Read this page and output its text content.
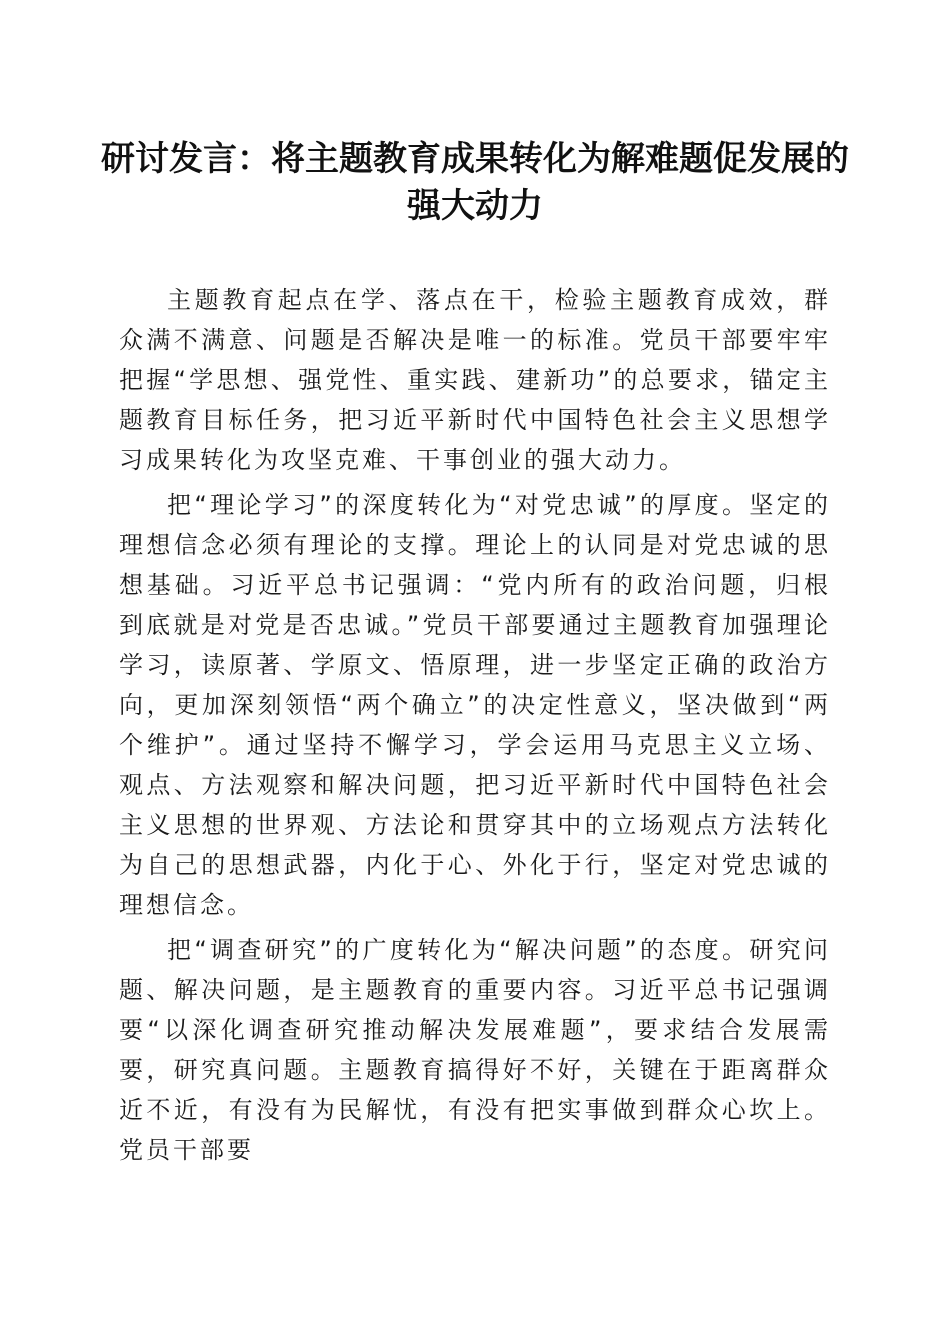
研讨发言：将主题教育成果转化为解难题促发展的强大动力

主题教育起点在学、落点在干，检验主题教育成效，群众满不满意、问题是否解决是唯一的标准。党员干部要牢牢把握“学思想、强党性、重实践、建新功”的总要求，锚定主题教育目标任务，把习近平新时代中国特色社会主义思想学习成果转化为攻坚克难、干事创业的强大动力。

把“理论学习”的深度转化为“对党忠诚”的厚度。坚定的理想信念必须有理论的支撑。理论上的认同是对党忠诚的思想基础。习近平总书记强调：“党内所有的政治问题，归根到底就是对党是否忠诚。”党员干部要通过主题教育加强理论学习，读原著、学原文、悟原理，进一步坚定正确的政治方向，更加深刻领悟“两个确立”的决定性意义，坚决做到“两个维护”。通过坚持不懈学习，学会运用马克思主义立场、观点、方法观察和解决问题，把习近平新时代中国特色社会主义思想的世界观、方法论和贯穿其中的立场观点方法转化为自己的思想武器，内化于心、外化于行，坚定对党忠诚的理想信念。

把“调查研究”的广度转化为“解决问题”的态度。研究问题、解决问题，是主题教育的重要内容。习近平总书记强调要“以深化调查研究推动解决发展难题”，要求结合发展需要，研究真问题。主题教育搞得好不好，关键在于距离群众近不近，有没有为民解忧，有没有把实事做到群众心坎上。党员干部要
